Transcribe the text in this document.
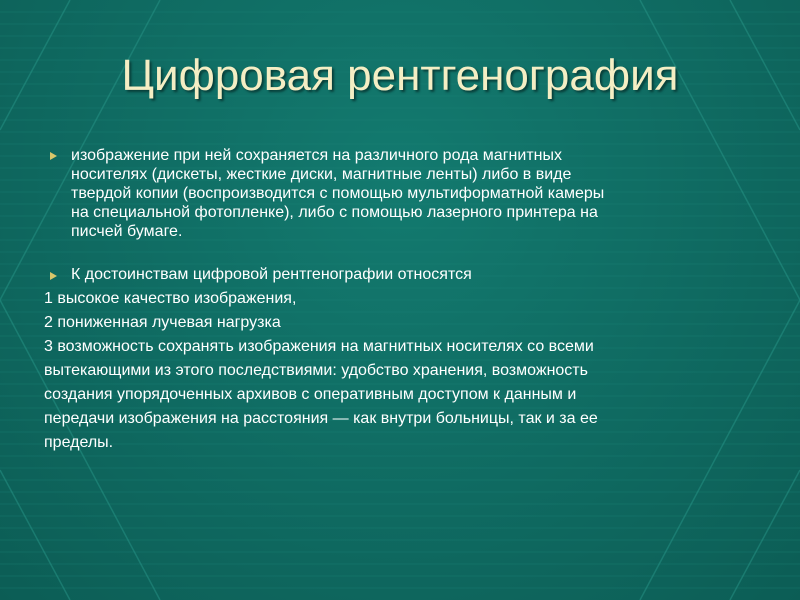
Цифровая рентгенография
изображение при ней сохраняется на различного рода магнитных
носителях (дискеты, жесткие диски, магнитные ленты) либо в виде
твердой копии (воспроизводится с помощью мультиформатной камеры
на специальной фотопленке), либо с помощью лазерного принтера на
писчей бумаге.
К достоинствам цифровой рентгенографии относятся
1 высокое качество изображения,
2 пониженная лучевая нагрузка
3 возможность сохранять изображения на магнитных носителях со всеми
вытекающими из этого последствиями: удобство хранения, возможность
создания упорядоченных архивов с оперативным доступом к данным и
передачи изображения на расстояния — как внутри больницы, так и за ее
пределы.
